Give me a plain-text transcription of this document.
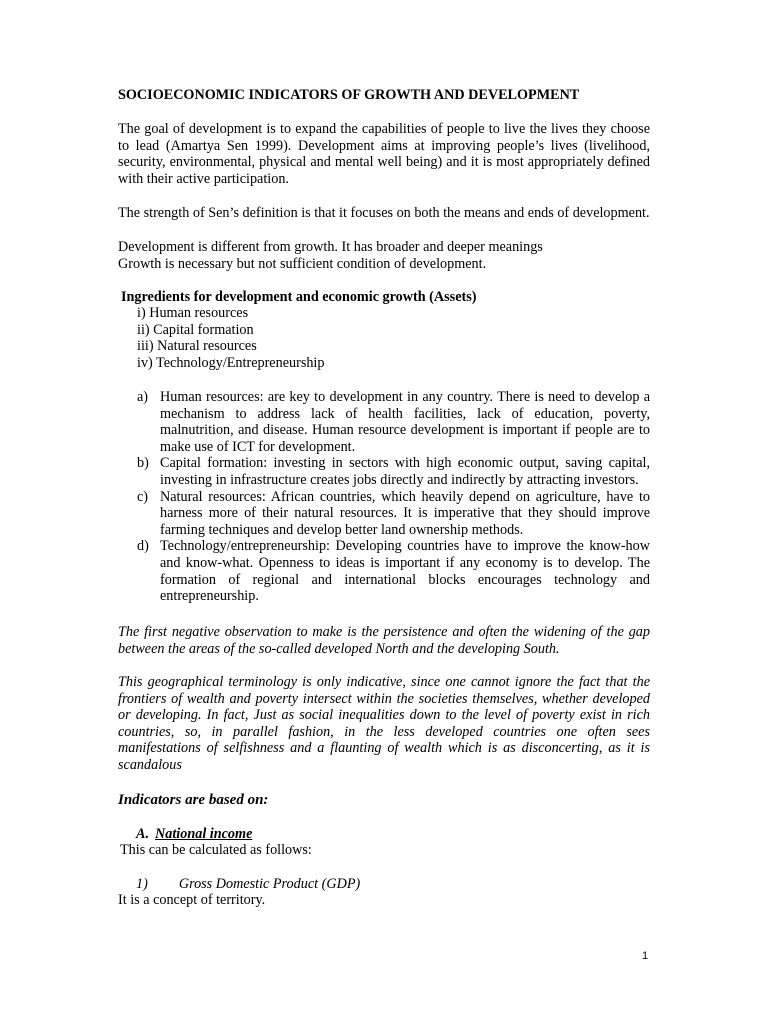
SOCIOECONOMIC INDICATORS OF GROWTH AND DEVELOPMENT
The goal of development is to expand the capabilities of people to live the lives they choose to lead (Amartya Sen 1999). Development aims at improving people’s lives (livelihood, security, environmental, physical and mental well being) and it is most appropriately defined with their active participation.
The strength of Sen’s definition is that it focuses on both the means and ends of development.
Development is different from growth. It has broader and deeper meanings
Growth is necessary but not sufficient condition of development.
Ingredients for development and economic growth (Assets)
i) Human resources
ii) Capital formation
iii) Natural resources
iv) Technology/Entrepreneurship
a) Human resources: are key to development in any country. There is need to develop a mechanism to address lack of health facilities, lack of education, poverty, malnutrition, and disease. Human resource development is important if people are to make use of ICT for development.
b) Capital formation: investing in sectors with high economic output, saving capital, investing in infrastructure creates jobs directly and indirectly by attracting investors.
c) Natural resources: African countries, which heavily depend on agriculture, have to harness more of their natural resources. It is imperative that they should improve farming techniques and develop better land ownership methods.
d) Technology/entrepreneurship: Developing countries have to improve the know-how and know-what. Openness to ideas is important if any economy is to develop. The formation of regional and international blocks encourages technology and entrepreneurship.
The first negative observation to make is the persistence and often the widening of the gap between the areas of the so-called developed North and the developing South.
This geographical terminology is only indicative, since one cannot ignore the fact that the frontiers of wealth and poverty intersect within the societies themselves, whether developed or developing. In fact, Just as social inequalities down to the level of poverty exist in rich countries, so, in parallel fashion, in the less developed countries one often sees manifestations of selfishness and a flaunting of wealth which is as disconcerting, as it is scandalous
Indicators are based on:
A. National income
This can be calculated as follows:
1) Gross Domestic Product (GDP)
It is a concept of territory.
1
